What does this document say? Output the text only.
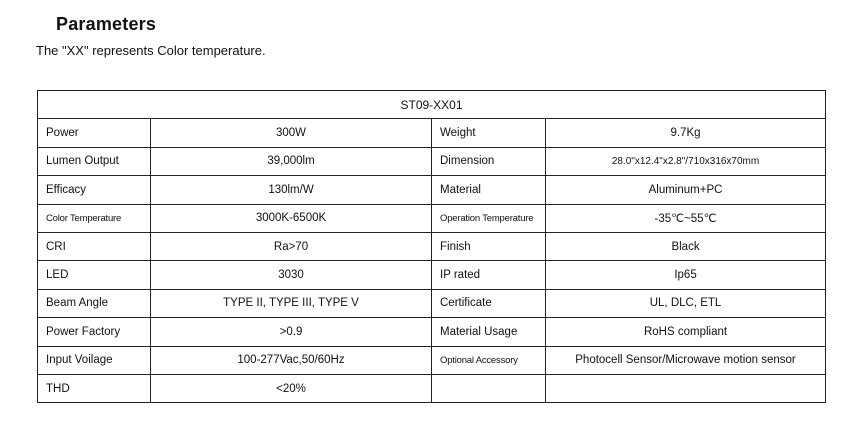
Parameters
The "XX" represents Color temperature.
ST09-XX01			
Power	300W	Weight	9.7Kg
Lumen Output	39,000lm	Dimension	28.0"x12.4"x2.8"/710x316x70mm
Efficacy	130lm/W	Material	Aluminum+PC
Color Temperature	3000K-6500K	Operation Temperature	-35℃~55℃
CRI	Ra>70	Finish	Black
LED	3030	IP rated	Ip65
Beam Angle	TYPE II, TYPE III, TYPE V	Certificate	UL, DLC, ETL
Power Factory	>0.9	Material Usage	RoHS compliant
Input Voilage	100-277Vac,50/60Hz	Optional Accessory	Photocell Sensor/Microwave motion sensor
THD	<20%		
